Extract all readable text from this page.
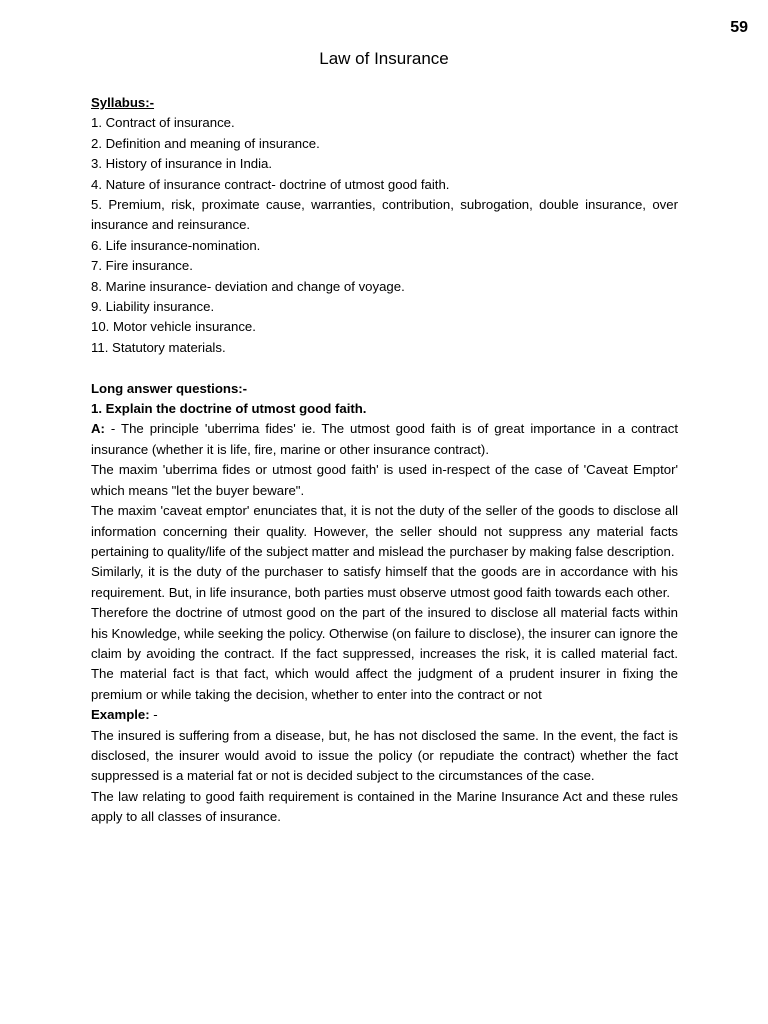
59
Law of Insurance

Syllabus:-

1. Contract of insurance.

2. Definition and meaning of insurance.

3. History of insurance in India.

4. Nature of insurance contract- doctrine of utmost good faith.

5. Premium, risk, proximate cause, warranties, contribution, subrogation, double insurance, over insurance and reinsurance.

6. Life insurance-nomination.

7. Fire insurance.

8. Marine insurance- deviation and change of voyage.

9. Liability insurance.

10. Motor vehicle insurance.

11. Statutory materials.

Long answer questions:-

1. Explain the doctrine of utmost good faith.

A: - The principle 'uberrima fides' ie. The utmost good faith is of great importance in a contract insurance (whether it is life, fire, marine or other insurance contract).

The maxim 'uberrima fides or utmost good faith' is used in-respect of the case of 'Caveat Emptor' which means "let the buyer beware".

The maxim 'caveat emptor' enunciates that, it is not the duty of the seller of the goods to disclose all information concerning their quality. However, the seller should not suppress any material facts pertaining to quality/life of the subject matter and mislead the purchaser by making false description.

Similarly, it is the duty of the purchaser to satisfy himself that the goods are in accordance with his requirement. But, in life insurance, both parties must observe utmost good faith towards each other.

Therefore the doctrine of utmost good on the part of the insured to disclose all material facts within his Knowledge, while seeking the policy. Otherwise (on failure to disclose), the insurer can ignore the claim by avoiding the contract. If the fact suppressed, increases the risk, it is called material fact. The material fact is that fact, which would affect the judgment of a prudent insurer in fixing the premium or while taking the decision, whether to enter into the contract or not

Example: -

The insured is suffering from a disease, but, he has not disclosed the same. In the event, the fact is disclosed, the insurer would avoid to issue the policy (or repudiate the contract) whether the fact suppressed is a material fat or not is decided subject to the circumstances of the case.

The law relating to good faith requirement is contained in the Marine Insurance Act and these rules apply to all classes of insurance.
